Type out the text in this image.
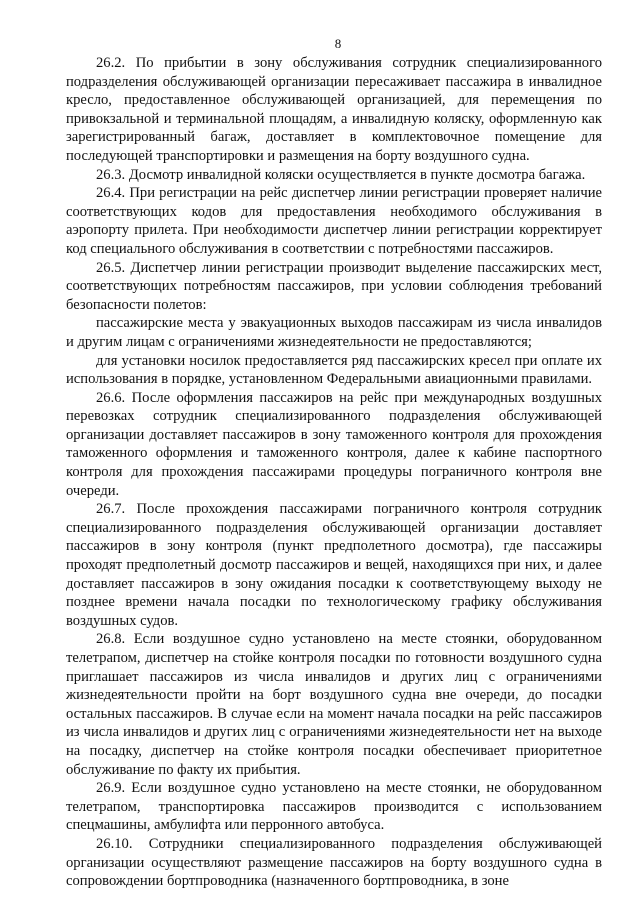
8

26.2. По прибытии в зону обслуживания сотрудник специализированного подразделения обслуживающей организации пересаживает пассажира в инвалидное кресло, предоставленное обслуживающей организацией, для перемещения по привокзальной и терминальной площадям, а инвалидную коляску, оформленную как зарегистрированный багаж, доставляет в комплектовочное помещение для последующей транспортировки и размещения на борту воздушного судна.

26.3. Досмотр инвалидной коляски осуществляется в пункте досмотра багажа.

26.4. При регистрации на рейс диспетчер линии регистрации проверяет наличие соответствующих кодов для предоставления необходимого обслуживания в аэропорту прилета. При необходимости диспетчер линии регистрации корректирует код специального обслуживания в соответствии с потребностями пассажиров.

26.5. Диспетчер линии регистрации производит выделение пассажирских мест, соответствующих потребностям пассажиров, при условии соблюдения требований безопасности полетов:

пассажирские места у эвакуационных выходов пассажирам из числа инвалидов и другим лицам с ограничениями жизнедеятельности не предоставляются;

для установки носилок предоставляется ряд пассажирских кресел при оплате их использования в порядке, установленном Федеральными авиационными правилами.

26.6. После оформления пассажиров на рейс при международных воздушных перевозках сотрудник специализированного подразделения обслуживающей организации доставляет пассажиров в зону таможенного контроля для прохождения таможенного оформления и таможенного контроля, далее к кабине паспортного контроля для прохождения пассажирами процедуры пограничного контроля вне очереди.

26.7. После прохождения пассажирами пограничного контроля сотрудник специализированного подразделения обслуживающей организации доставляет пассажиров в зону контроля (пункт предполетного досмотра), где пассажиры проходят предполетный досмотр пассажиров и вещей, находящихся при них, и далее доставляет пассажиров в зону ожидания посадки к соответствующему выходу не позднее времени начала посадки по технологическому графику обслуживания воздушных судов.

26.8. Если воздушное судно установлено на месте стоянки, оборудованном телетрапом, диспетчер на стойке контроля посадки по готовности воздушного судна приглашает пассажиров из числа инвалидов и других лиц с ограничениями жизнедеятельности пройти на борт воздушного судна вне очереди, до посадки остальных пассажиров. В случае если на момент начала посадки на рейс пассажиров из числа инвалидов и других лиц с ограничениями жизнедеятельности нет на выходе на посадку, диспетчер на стойке контроля посадки обеспечивает приоритетное обслуживание по факту их прибытия.

26.9. Если воздушное судно установлено на месте стоянки, не оборудованном телетрапом, транспортировка пассажиров производится с использованием спецмашины, амбулифта или перронного автобуса.

26.10. Сотрудники специализированного подразделения обслуживающей организации осуществляют размещение пассажиров на борту воздушного судна в сопровождении бортпроводника (назначенного бортпроводника, в зоне
